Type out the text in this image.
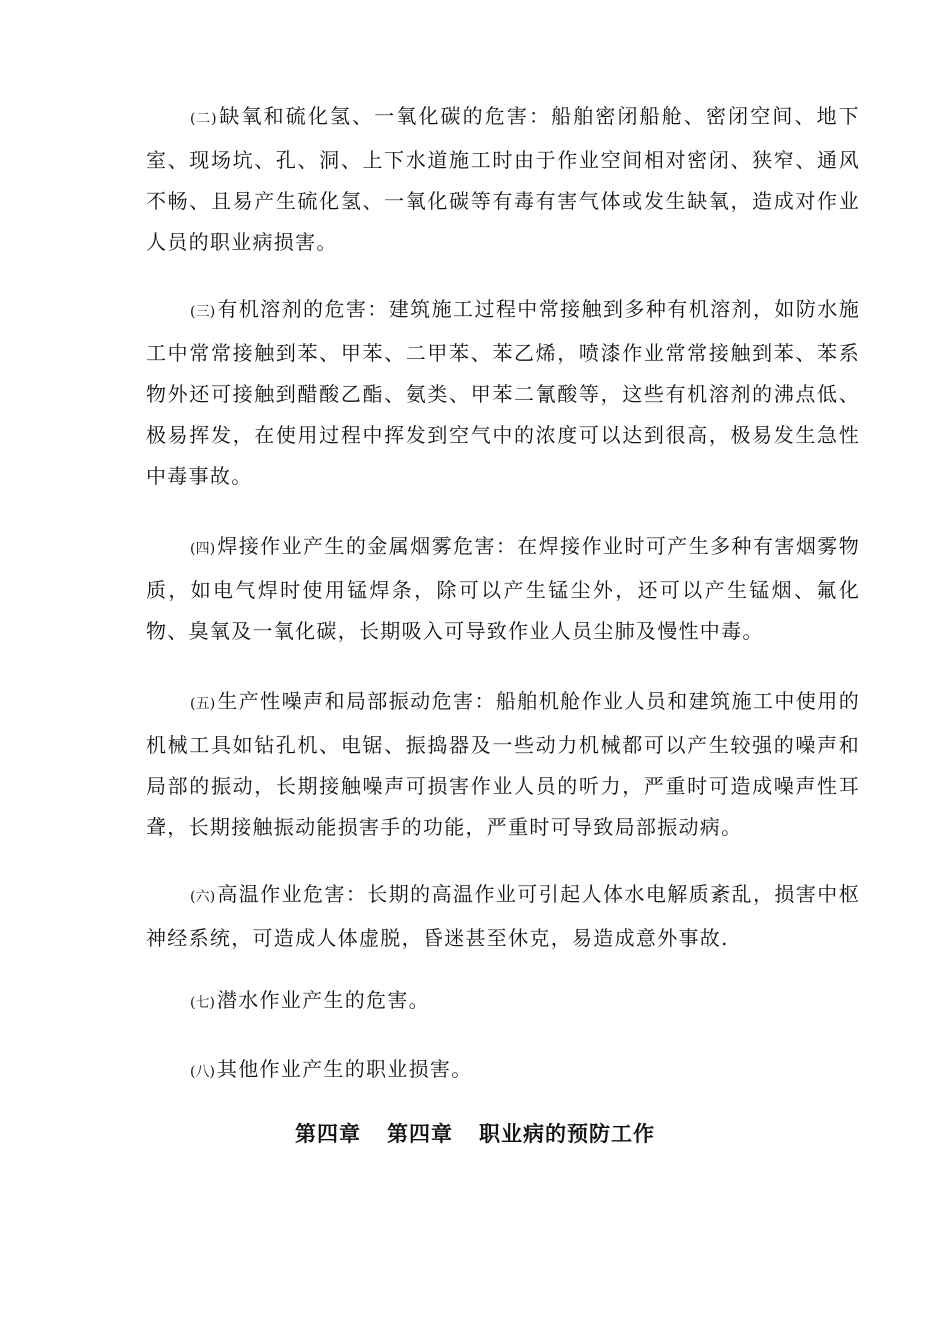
(二) 缺氧和硫化氢、一氧化碳的危害：船舶密闭船舱、密闭空间、地下室、现场坑、孔、洞、上下水道施工时由于作业空间相对密闭、狭窄、通风不畅、且易产生硫化氢、一氧化碳等有毒有害气体或发生缺氧，造成对作业人员的职业病损害。

(三) 有机溶剂的危害：建筑施工过程中常接触到多种有机溶剂，如防水施工中常常接触到苯、甲苯、二甲苯、苯乙烯，喷漆作业常常接触到苯、苯系物外还可接触到醋酸乙酯、氨类、甲苯二氰酸等，这些有机溶剂的沸点低、极易挥发，在使用过程中挥发到空气中的浓度可以达到很高，极易发生急性中毒事故。

(四) 焊接作业产生的金属烟雾危害：在焊接作业时可产生多种有害烟雾物质，如电气焊时使用锰焊条，除可以产生锰尘外，还可以产生锰烟、氟化物、臭氧及一氧化碳，长期吸入可导致作业人员尘肺及慢性中毒。

(五) 生产性噪声和局部振动危害：船舶机舱作业人员和建筑施工中使用的机械工具如钻孔机、电锯、振捣器及一些动力机械都可以产生较强的噪声和局部的振动，长期接触噪声可损害作业人员的听力，严重时可造成噪声性耳聋，长期接触振动能损害手的功能，严重时可导致局部振动病。

(六) 高温作业危害：长期的高温作业可引起人体水电解质紊乱，损害中枢神经系统，可造成人体虚脱，昏迷甚至休克，易造成意外事故.

(七) 潜水作业产生的危害。

(八) 其他作业产生的职业损害。

第四章 第四章 职业病的预防工作
